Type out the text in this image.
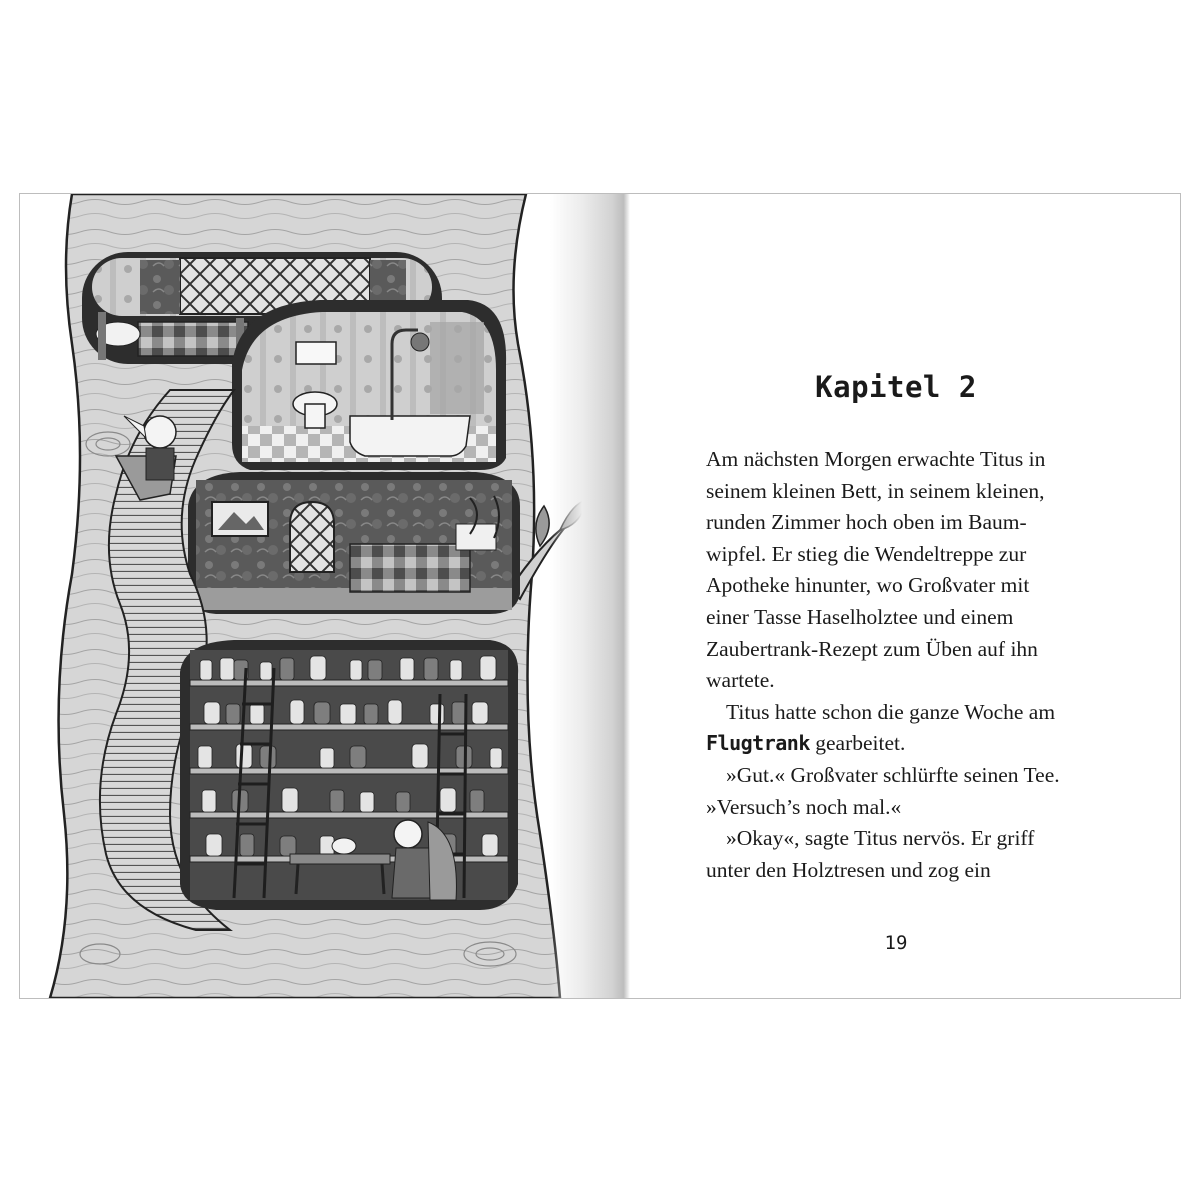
Kapitel 2

Am nächsten Morgen erwachte Titus in
seinem kleinen Bett, in seinem kleinen,
runden Zimmer hoch oben im Baum-
wipfel. Er stieg die Wendeltreppe zur
Apotheke hinunter, wo Großvater mit
einer Tasse Haselholztee und einem
Zaubertrank-Rezept zum Üben auf ihn
wartete.

Titus hatte schon die ganze Woche am
Flugtrank gearbeitet.

»Gut.« Großvater schlürfte seinen Tee.
»Versuch’s noch mal.«

»Okay«, sagte Titus nervös. Er griff
unter den Holztresen und zog ein

19
